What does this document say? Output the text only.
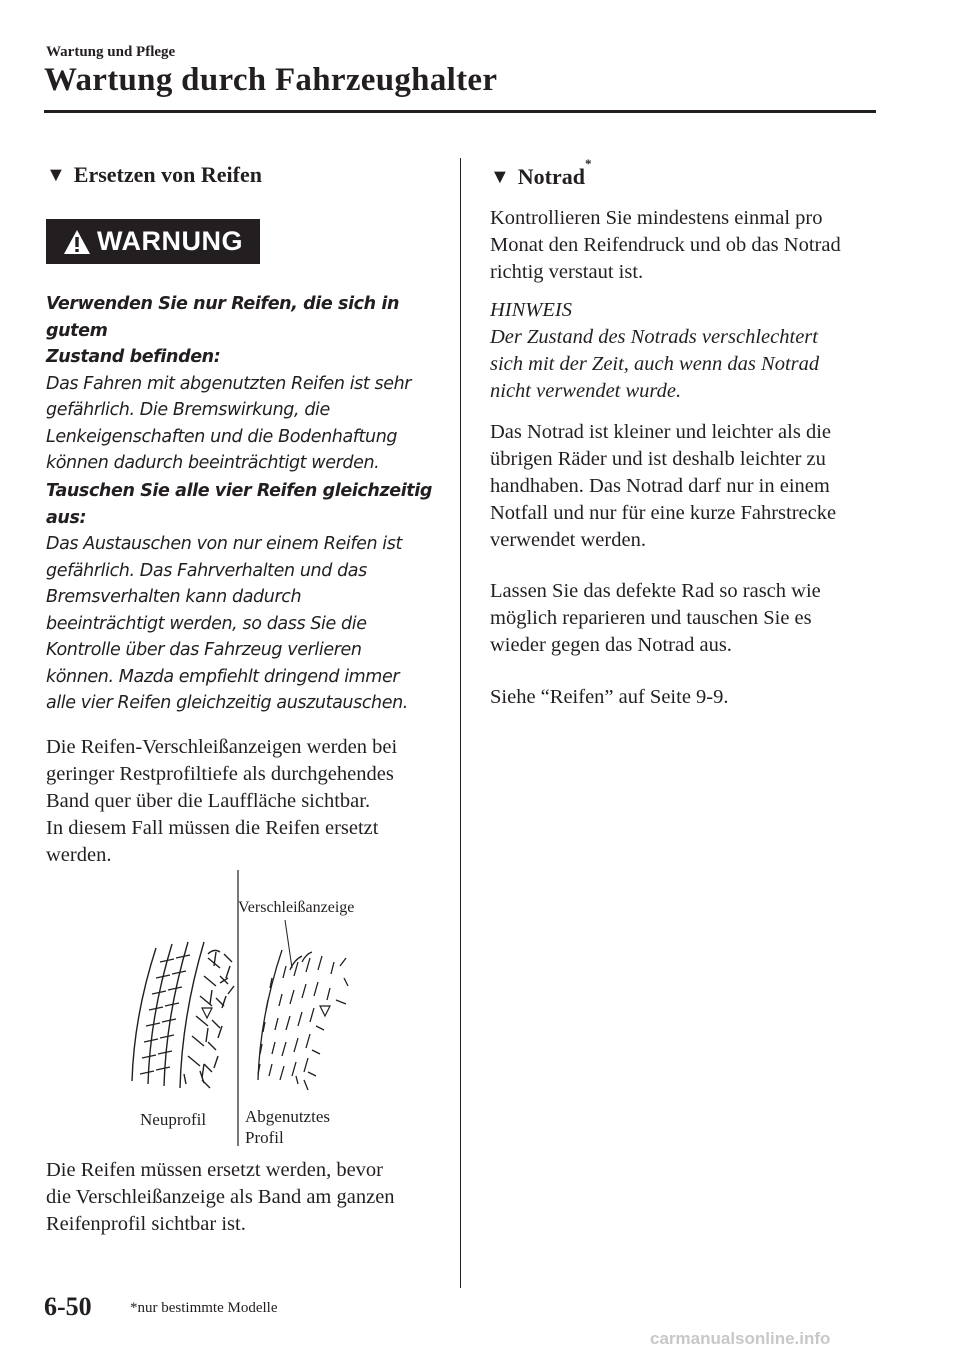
Wartung und Pflege
Wartung durch Fahrzeughalter
▼ Ersetzen von Reifen
WARNUNG
Verwenden Sie nur Reifen, die sich in gutem
Zustand befinden:
Das Fahren mit abgenutzten Reifen ist sehr
gefährlich. Die Bremswirkung, die
Lenkeigenschaften und die Bodenhaftung
können dadurch beeinträchtigt werden.
Tauschen Sie alle vier Reifen gleichzeitig
aus:
Das Austauschen von nur einem Reifen ist
gefährlich. Das Fahrverhalten und das
Bremsverhalten kann dadurch
beeinträchtigt werden, so dass Sie die
Kontrolle über das Fahrzeug verlieren
können. Mazda empfiehlt dringend immer
alle vier Reifen gleichzeitig auszutauschen.
Die Reifen-Verschleißanzeigen werden bei
geringer Restprofiltiefe als durchgehendes
Band quer über die Lauffläche sichtbar.
In diesem Fall müssen die Reifen ersetzt
werden.
Verschleißanzeige
Neuprofil Abgenutztes
Profil
Die Reifen müssen ersetzt werden, bevor
die Verschleißanzeige als Band am ganzen
Reifenprofil sichtbar ist.
▼ Notrad
*
Kontrollieren Sie mindestens einmal pro
Monat den Reifendruck und ob das Notrad
richtig verstaut ist.
HINWEIS
Der Zustand des Notrads verschlechtert
sich mit der Zeit, auch wenn das Notrad
nicht verwendet wurde.
Das Notrad ist kleiner und leichter als die
übrigen Räder und ist deshalb leichter zu
handhaben. Das Notrad darf nur in einem
Notfall und nur für eine kurze Fahrstrecke
verwendet werden.
Lassen Sie das defekte Rad so rasch wie
möglich reparieren und tauschen Sie es
wieder gegen das Notrad aus.
Siehe “Reifen” auf Seite 9-9.
6-50	*nur bestimmte Modelle
carmanualsonline.info
